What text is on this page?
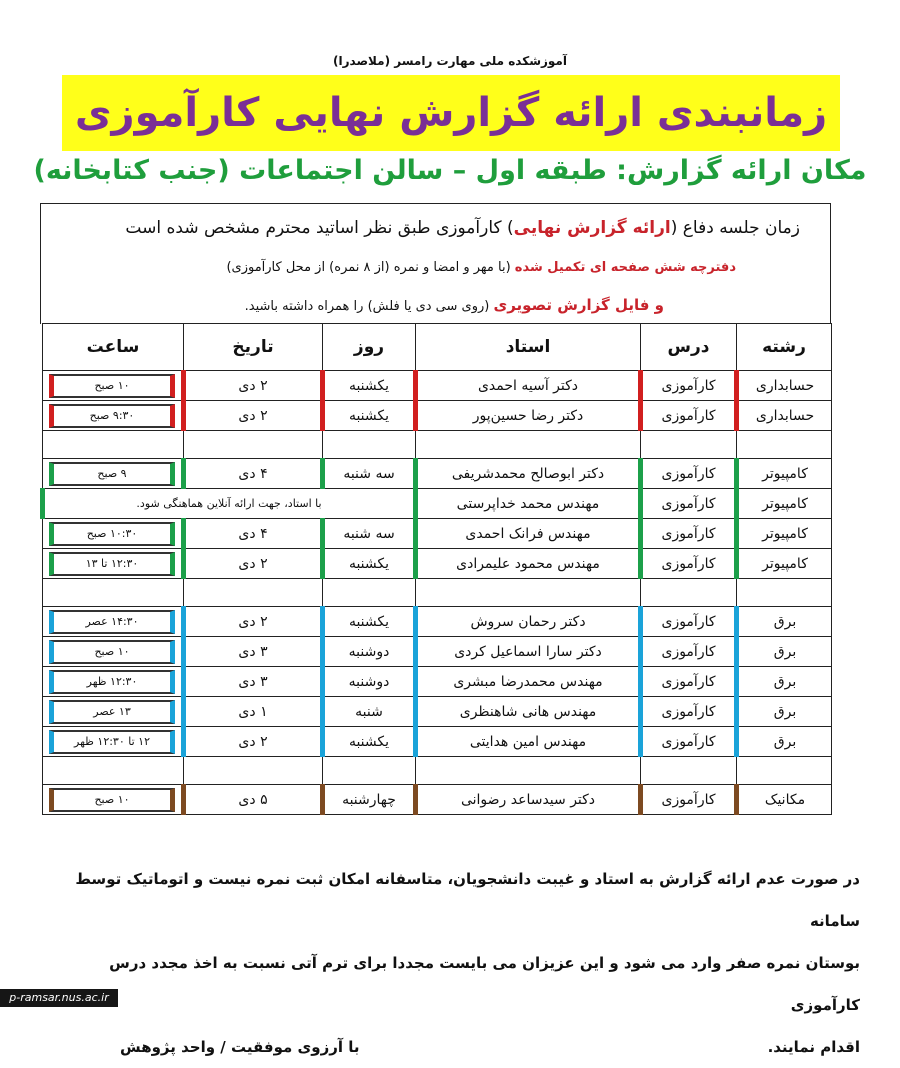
آموزشکده ملی مهارت رامسر (ملاصدرا)
زمانبندی ارائه گزارش نهایی کارآموزی
مکان ارائه گزارش: طبقه اول – سالن اجتماعات (جنب کتابخانه)
زمان جلسه دفاع (ارائه گزارش نهایی) کارآموزی طبق نظر اساتید محترم مشخص شده است
دفترچه شش صفحه ای تکمیل شده (با مهر و امضا و نمره (از ۸ نمره) از محل کارآموزی)
و فایل گزارش تصویری (روی سی دی یا فلش) را همراه داشته باشید.
رشته	درس	استاد	روز	تاریخ	ساعت
حسابداری	کارآموزی	دکتر آسیه احمدی	یکشنبه	۲ دی	۱۰ صبح

حسابداری	کارآموزی	دکتر رضا حسین‌پور	یکشنبه	۲ دی	۹:۳۰ صبح

کامپیوتر	کارآموزی	دکتر ابوصالح محمدشریفی	سه شنبه	۴ دی	۹ صبح

کامپیوتر	کارآموزی	مهندس محمد خداپرستی	با استاد، جهت ارائه آنلاین هماهنگی شود.		
کامپیوتر	کارآموزی	مهندس فرانک احمدی	سه شنبه	۴ دی	۱۰:۳۰ صبح

کامپیوتر	کارآموزی	مهندس محمود علیمرادی	یکشنبه	۲ دی	۱۲:۳۰ تا ۱۳

برق	کارآموزی	دکتر رحمان سروش	یکشنبه	۲ دی	۱۴:۳۰ عصر

برق	کارآموزی	دکتر سارا اسماعیل کردی	دوشنبه	۳ دی	۱۰ صبح

برق	کارآموزی	مهندس محمدرضا مبشری	دوشنبه	۳ دی	۱۲:۳۰ ظهر

برق	کارآموزی	مهندس هانی شاهنظری	شنبه	۱ دی	۱۳ عصر

برق	کارآموزی	مهندس امین هدایتی	یکشنبه	۲ دی	۱۲ تا ۱۲:۳۰ ظهر

مکانیک	کارآموزی	دکتر سیدساعد رضوانی	چهارشنبه	۵ دی	۱۰ صبح
در صورت عدم ارائه گزارش به استاد و غیبت دانشجویان، متاسفانه امکان ثبت نمره نیست و اتوماتیک توسط سامانه
بوستان نمره صفر وارد می شود و این عزیزان می بایست مجددا برای ترم آتی نسبت به اخذ مجدد درس کارآموزی
اقدام نمایند.
با آرزوی موفقیت / واحد پژوهش
p-ramsar.nus.ac.ir
